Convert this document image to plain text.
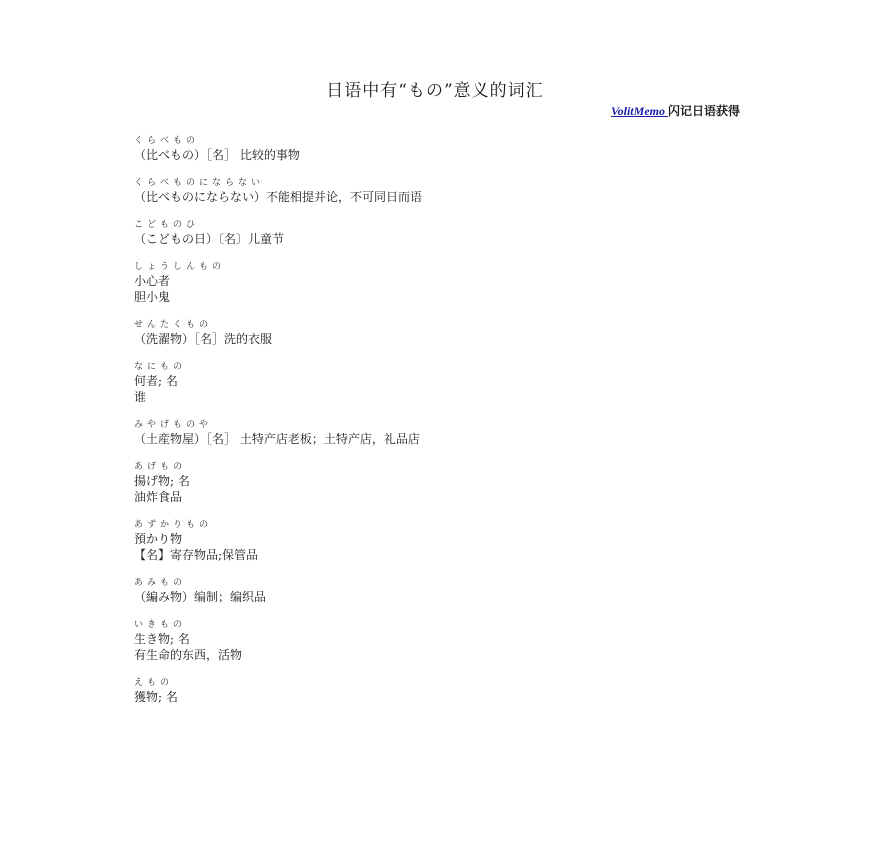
日语中有“もの”意义的词汇
VolitMemo 闪记日语获得
くらべもの
（比べもの）［名］ 比较的事物
くらべものにならない
（比べものにならない）不能相提并论，不可同日而语
こどものひ
（こどもの日）〔名〕儿童节
しょうしんもの
小心者
胆小鬼
せんたくもの
（洗濯物）［名］洗的衣服
なにもの
何者; 名
谁
みやげものや
（土産物屋）［名］ 土特产店老板；土特产店，礼品店
あげもの
揚げ物; 名
油炸食品
あずかりもの
預かり物
【名】寄存物品;保管品
あみもの
（編み物）编制；编织品
いきもの
生き物; 名
有生命的东西，活物
えもの
獲物; 名
